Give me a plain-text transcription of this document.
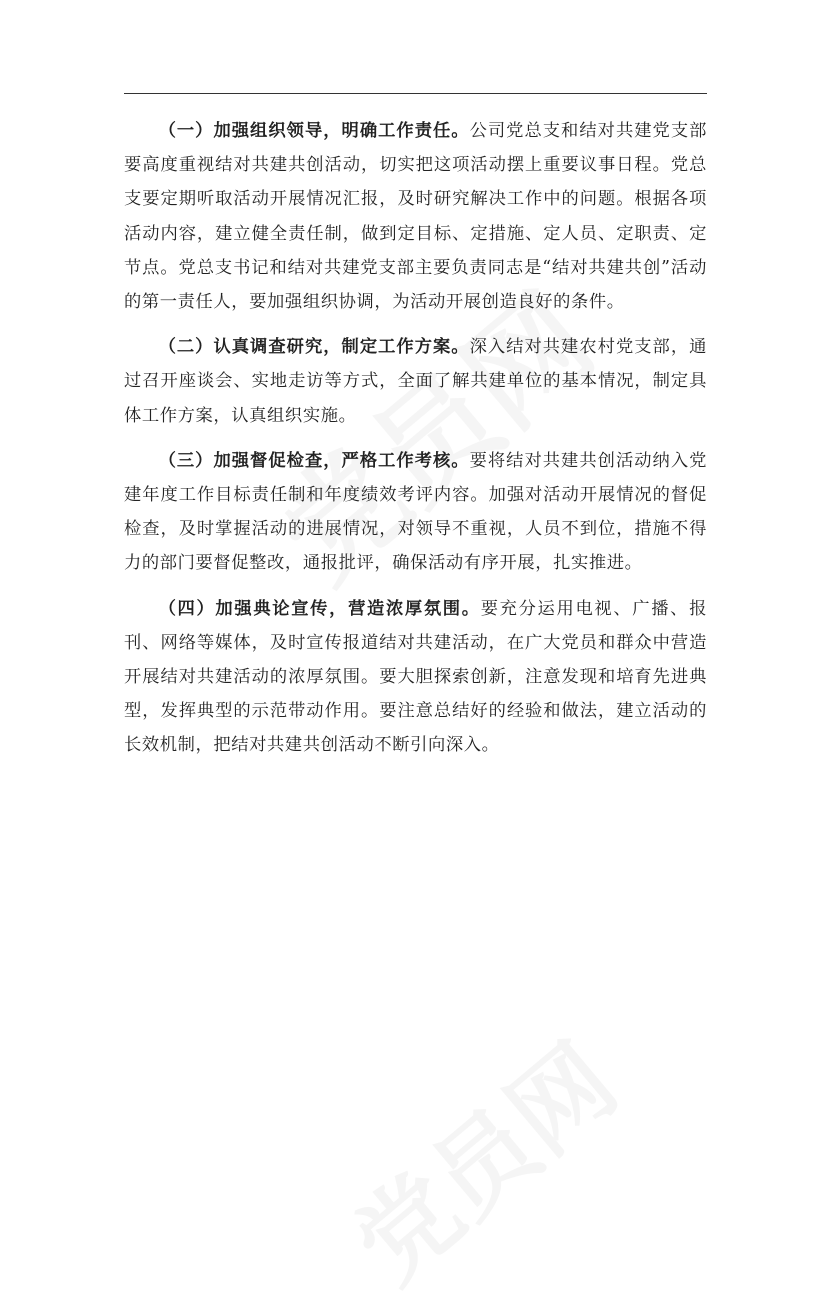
（一）加强组织领导，明确工作责任。公司党总支和结对共建党支部要高度重视结对共建共创活动，切实把这项活动摆上重要议事日程。党总支要定期听取活动开展情况汇报，及时研究解决工作中的问题。根据各项活动内容，建立健全责任制，做到定目标、定措施、定人员、定职责、定节点。党总支书记和结对共建党支部主要负责同志是“结对共建共创”活动的第一责任人，要加强组织协调，为活动开展创造良好的条件。

（二）认真调查研究，制定工作方案。深入结对共建农村党支部，通过召开座谈会、实地走访等方式，全面了解共建单位的基本情况，制定具体工作方案，认真组织实施。

（三）加强督促检查，严格工作考核。要将结对共建共创活动纳入党建年度工作目标责任制和年度绩效考评内容。加强对活动开展情况的督促检查，及时掌握活动的进展情况，对领导不重视，人员不到位，措施不得力的部门要督促整改，通报批评，确保活动有序开展，扎实推进。

（四）加强典论宣传，营造浓厚氛围。要充分运用电视、广播、报刊、网络等媒体，及时宣传报道结对共建活动，在广大党员和群众中营造开展结对共建活动的浓厚氛围。要大胆探索创新，注意发现和培育先进典型，发挥典型的示范带动作用。要注意总结好的经验和做法，建立活动的长效机制，把结对共建共创活动不断引向深入。
